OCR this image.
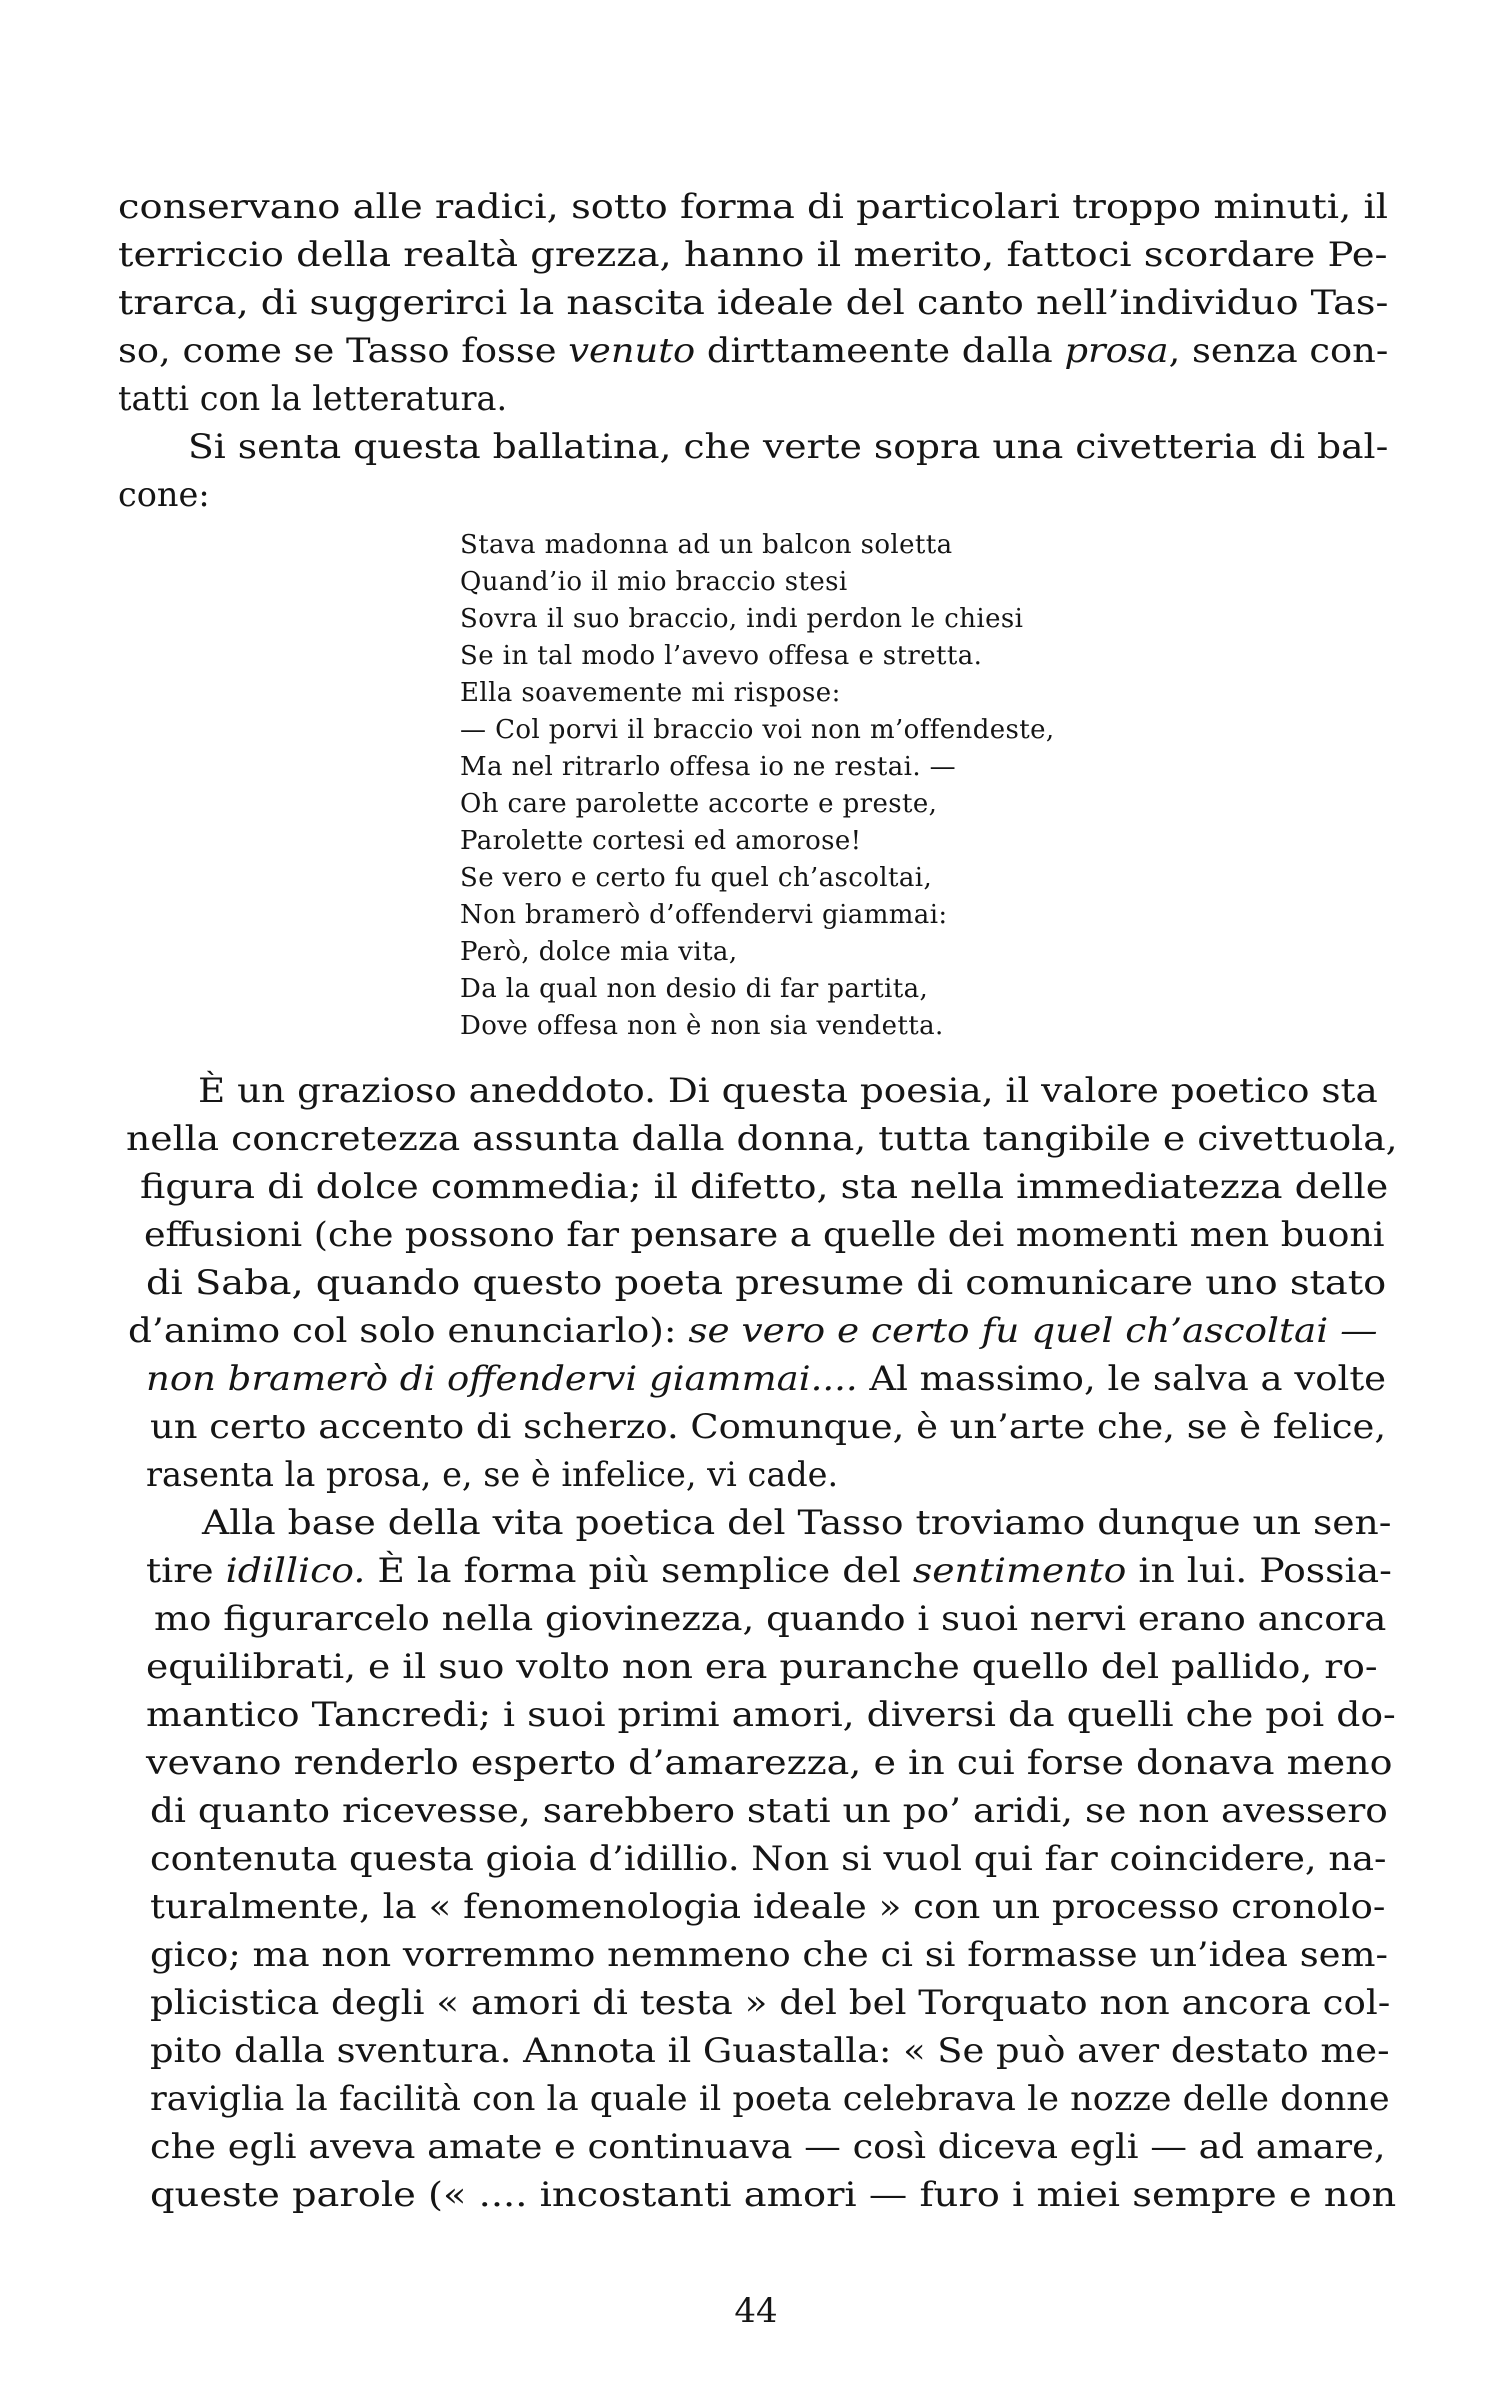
conservano alle radici, sotto forma di particolari troppo minuti, il
terriccio della realtà grezza, hanno il merito, fattoci scordare Pe-
trarca, di suggerirci la nascita ideale del canto nell’individuo Tas-
so, come se Tasso fosse venuto dirttameente dalla prosa, senza con-
tatti con la letteratura.
Si senta questa ballatina, che verte sopra una civetteria di bal-
cone:
Stava madonna ad un balcon soletta
Quand’io il mio braccio stesi
Sovra il suo braccio, indi perdon le chiesi
Se in tal modo l’avevo offesa e stretta.
Ella soavemente mi rispose:
— Col porvi il braccio voi non m’offendeste,
Ma nel ritrarlo offesa io ne restai. —
Oh care parolette accorte e preste,
Parolette cortesi ed amorose!
Se vero e certo fu quel ch’ascoltai,
Non bramerò d’offendervi giammai:
Però, dolce mia vita,
Da la qual non desio di far partita,
Dove offesa non è non sia vendetta.
È un grazioso aneddoto. Di questa poesia, il valore poetico sta
nella concretezza assunta dalla donna, tutta tangibile e civettuola,
figura di dolce commedia; il difetto, sta nella immediatezza delle
effusioni (che possono far pensare a quelle dei momenti men buoni
di Saba, quando questo poeta presume di comunicare uno stato
d’animo col solo enunciarlo): se vero e certo fu quel ch’ascoltai —
non bramerò di offendervi giammai.... Al massimo, le salva a volte
un certo accento di scherzo. Comunque, è un’arte che, se è felice,
rasenta la prosa, e, se è infelice, vi cade.
Alla base della vita poetica del Tasso troviamo dunque un sen-
tire idillico. È la forma più semplice del sentimento in lui. Possia-
mo figurarcelo nella giovinezza, quando i suoi nervi erano ancora
equilibrati, e il suo volto non era puranche quello del pallido, ro-
mantico Tancredi; i suoi primi amori, diversi da quelli che poi do-
vevano renderlo esperto d’amarezza, e in cui forse donava meno
di quanto ricevesse, sarebbero stati un po’ aridi, se non avessero
contenuta questa gioia d’idillio. Non si vuol qui far coincidere, na-
turalmente, la « fenomenologia ideale » con un processo cronolo-
gico; ma non vorremmo nemmeno che ci si formasse un’idea sem-
plicistica degli « amori di testa » del bel Torquato non ancora col-
pito dalla sventura. Annota il Guastalla: « Se può aver destato me-
raviglia la facilità con la quale il poeta celebrava le nozze delle donne
che egli aveva amate e continuava — così diceva egli — ad amare,
queste parole (« .... incostanti amori — furo i miei sempre e non
44
